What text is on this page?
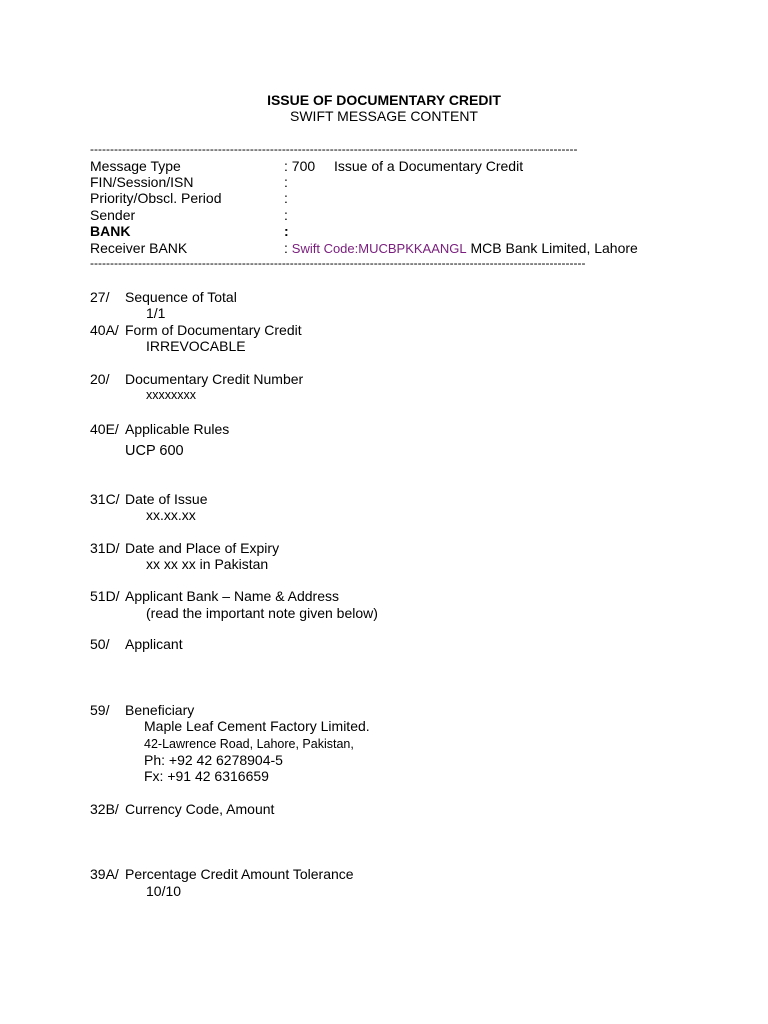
ISSUE OF DOCUMENTARY CREDIT
SWIFT MESSAGE CONTENT
--------------------------------------------------------------------------------------------------------------------------
Message Type	: 700 Issue of a Documentary Credit
FIN/Session/ISN	:
Priority/Obscl. Period	:
Sender	:
BANK	:
Receiver BANK	: Swift Code:MUCBPKKAANGL MCB Bank Limited, Lahore
----------------------------------------------------------------------------------------------------------------------------
27/ Sequence of Total
1/1
40A/ Form of Documentary Credit
IRREVOCABLE
20/ Documentary Credit Number
xxxxxxxx
40E/ Applicable Rules
UCP 600
31C/ Date of Issue
xx.xx.xx
31D/ Date and Place of Expiry
xx xx xx in Pakistan
51D/ Applicant Bank – Name & Address
(read the important note given below)
50/ Applicant
59/ Beneficiary
Maple Leaf Cement Factory Limited.
42-Lawrence Road, Lahore, Pakistan,
Ph: +92 42 6278904-5
Fx: +91 42 6316659
32B/ Currency Code, Amount
39A/ Percentage Credit Amount Tolerance
10/10
